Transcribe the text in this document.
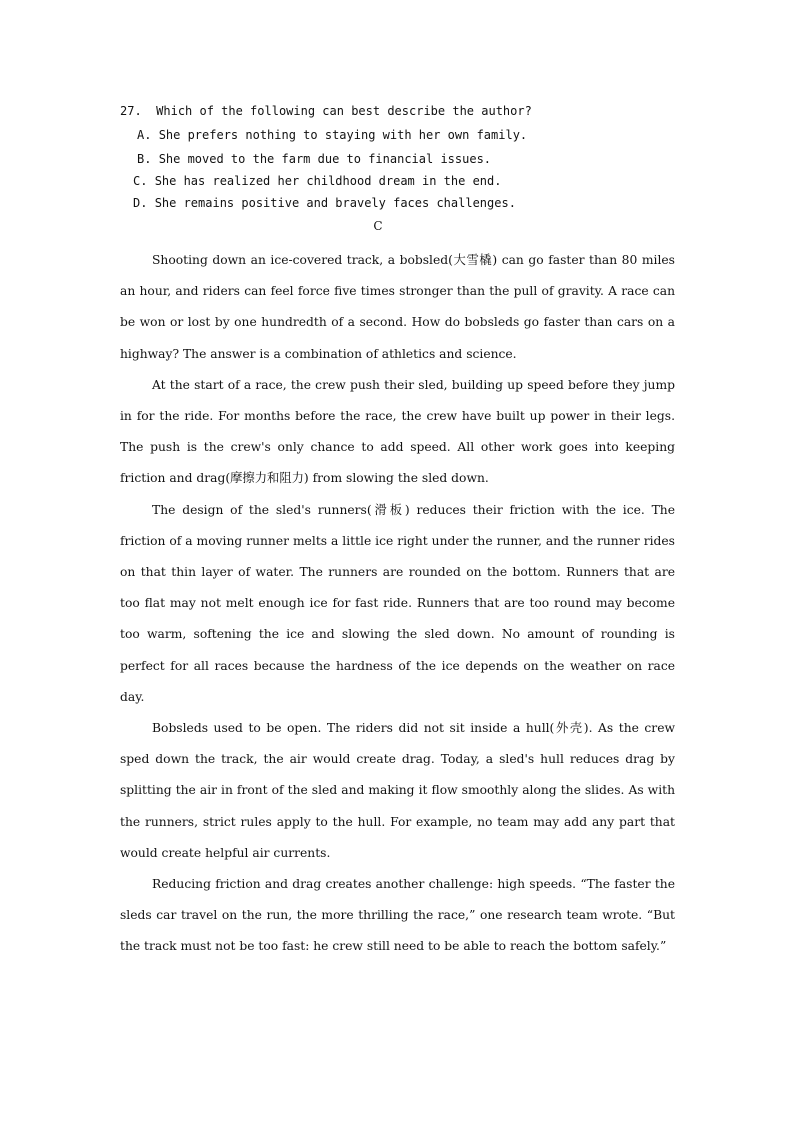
27. Which of the following can best describe the author?
A. She prefers nothing to staying with her own family.
B. She moved to the farm due to financial issues.
C. She has realized her childhood dream in the end.
D. She remains positive and bravely faces challenges.
C

Shooting down an ice-covered track, a bobsled(大雪橇) can go faster than 80 miles an hour, and riders can feel force five times stronger than the pull of gravity. A race can be won or lost by one hundredth of a second. How do bobsleds go faster than cars on a highway? The answer is a combination of athletics and science.

At the start of a race, the crew push their sled, building up speed before they jump in for the ride. For months before the race, the crew have built up power in their legs. The push is the crew's only chance to add speed. All other work goes into keeping friction and drag(摩擦力和阻力) from slowing the sled down.

The design of the sled's runners(滑板) reduces their friction with the ice. The friction of a moving runner melts a little ice right under the runner, and the runner rides on that thin layer of water. The runners are rounded on the bottom. Runners that are too flat may not melt enough ice for fast ride. Runners that are too round may become too warm, softening the ice and slowing the sled down. No amount of rounding is perfect for all races because the hardness of the ice depends on the weather on race day.

Bobsleds used to be open. The riders did not sit inside a hull(外壳). As the crew sped down the track, the air would create drag. Today, a sled's hull reduces drag by splitting the air in front of the sled and making it flow smoothly along the slides. As with the runners, strict rules apply to the hull. For example, no team may add any part that would create helpful air currents.

Reducing friction and drag creates another challenge: high speeds. “The faster the sleds car travel on the run, the more thrilling the race,” one research team wrote. “But the track must not be too fast: he crew still need to be able to reach the bottom safely.”
